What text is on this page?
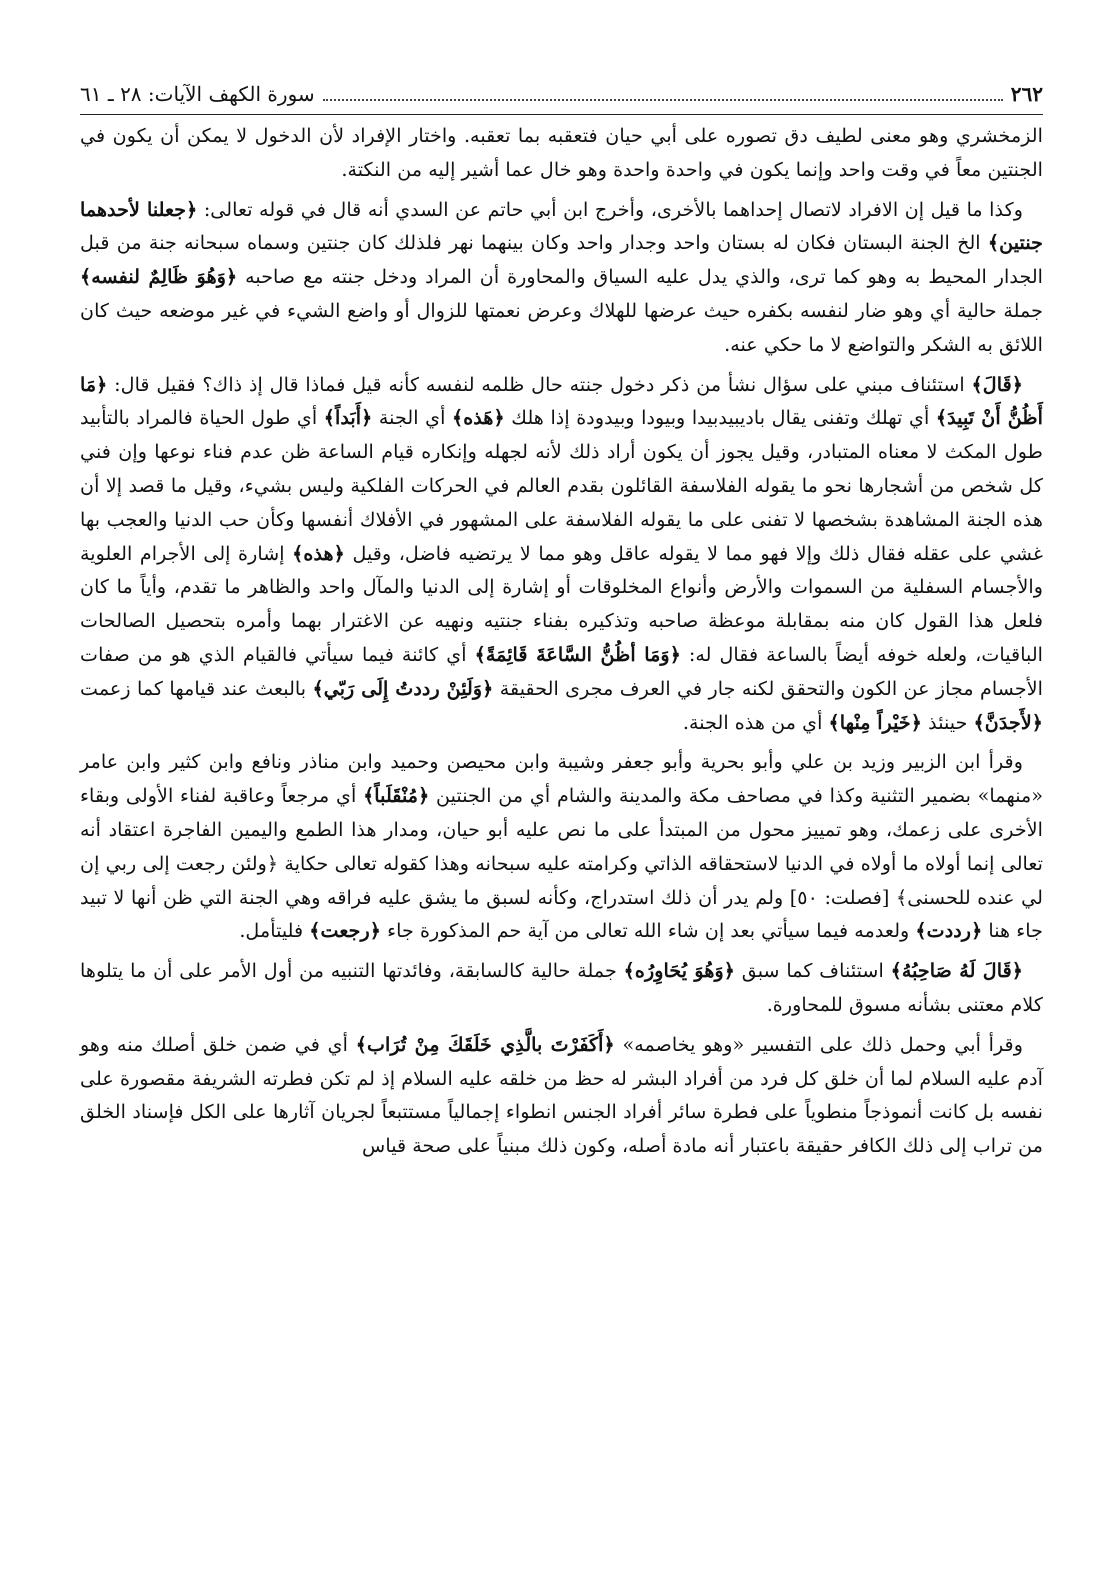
٢٦٢
سورة الكهف الآيات: ٢٨ ـ ٦١

الزمخشري وهو معنى لطيف دق تصوره على أبي حيان فتعقبه بما تعقبه. واختار الإفراد لأن الدخول لا يمكن أن يكون في الجنتين معاً في وقت واحد وإنما يكون في واحدة واحدة وهو خال عما أشير إليه من النكتة.

وكذا ما قيل إن الافراد لاتصال إحداهما بالأخرى، وأخرج ابن أبي حاتم عن السدي أنه قال في قوله تعالى: ﴿جعلنا لأحدهما جنتين﴾ الخ الجنة البستان فكان له بستان واحد وجدار واحد وكان بينهما نهر فلذلك كان جنتين وسماه سبحانه جنة من قبل الجدار المحيط به وهو كما ترى، والذي يدل عليه السياق والمحاورة أن المراد ودخل جنته مع صاحبه ﴿وَهُوَ ظَالِمٌ لنفسه﴾ جملة حالية أي وهو ضار لنفسه بكفره حيث عرضها للهلاك وعرض نعمتها للزوال أو واضع الشيء في غير موضعه حيث كان اللائق به الشكر والتواضع لا ما حكي عنه.

﴿قَالَ﴾ استئناف مبني على سؤال نشأ من ذكر دخول جنته حال ظلمه لنفسه كأنه قيل فماذا قال إذ ذاك؟ فقيل قال: ﴿مَا أَظُنُّ أَنْ تَبِيدَ﴾ أي تهلك وتفنى يقال باديبيدبيدا وبيودا وبيدودة إذا هلك ﴿هَذه﴾ أي الجنة ﴿أَبَداً﴾ أي طول الحياة فالمراد بالتأبيد طول المكث لا معناه المتبادر، وقيل يجوز أن يكون أراد ذلك لأنه لجهله وإنكاره قيام الساعة ظن عدم فناء نوعها وإن فني كل شخص من أشجارها نحو ما يقوله الفلاسفة القائلون بقدم العالم في الحركات الفلكية وليس بشيء، وقيل ما قصد إلا أن هذه الجنة المشاهدة بشخصها لا تفنى على ما يقوله الفلاسفة على المشهور في الأفلاك أنفسها وكأن حب الدنيا والعجب بها غشي على عقله فقال ذلك وإلا فهو مما لا يقوله عاقل وهو مما لا يرتضيه فاضل، وقيل ﴿هذه﴾ إشارة إلى الأجرام العلوية والأجسام السفلية من السموات والأرض وأنواع المخلوقات أو إشارة إلى الدنيا والمآل واحد والظاهر ما تقدم، وأياً ما كان فلعل هذا القول كان منه بمقابلة موعظة صاحبه وتذكيره بفناء جنتيه ونهيه عن الاغترار بهما وأمره بتحصيل الصالحات الباقيات، ولعله خوفه أيضاً بالساعة فقال له: ﴿وَمَا أظُنُّ السَّاعَةَ قَائِمَةً﴾ أي كائنة فيما سيأتي فالقيام الذي هو من صفات الأجسام مجاز عن الكون والتحقق لكنه جار في العرف مجرى الحقيقة ﴿وَلَئِنْ رددتُ إِلَى رَبّي﴾ بالبعث عند قيامها كما زعمت ﴿لأَجدَنَّ﴾ حينئذ ﴿خَيْراً مِنْها﴾ أي من هذه الجنة.

وقرأ ابن الزبير وزيد بن علي وأبو بحرية وأبو جعفر وشيبة وابن محيصن وحميد وابن مناذر ونافع وابن كثير وابن عامر «منهما» بضمير التثنية وكذا في مصاحف مكة والمدينة والشام أي من الجنتين ﴿مُنْقَلَباً﴾ أي مرجعاً وعاقبة لفناء الأولى وبقاء الأخرى على زعمك، وهو تمييز محول من المبتدأ على ما نص عليه أبو حيان، ومدار هذا الطمع واليمين الفاجرة اعتقاد أنه تعالى إنما أولاه ما أولاه في الدنيا لاستحقاقه الذاتي وكرامته عليه سبحانه وهذا كقوله تعالى حكاية ﴿ولئن رجعت إلى ربي إن لي عنده للحسنى﴾ [فصلت: ٥٠] ولم يدر أن ذلك استدراج، وكأنه لسبق ما يشق عليه فراقه وهي الجنة التي ظن أنها لا تبيد جاء هنا ﴿رددت﴾ ولعدمه فيما سيأتي بعد إن شاء الله تعالى من آية حم المذكورة جاء ﴿رجعت﴾ فليتأمل.

﴿قَالَ لَهُ صَاحِبُهُ﴾ استئناف كما سبق ﴿وَهُوَ يُحَاوِرُه﴾ جملة حالية كالسابقة، وفائدتها التنبيه من أول الأمر على أن ما يتلوها كلام معتنى بشأنه مسوق للمحاورة.

وقرأ أبي وحمل ذلك على التفسير «وهو يخاصمه» ﴿أَكَفَرْتَ بالَّذِي خَلَقَكَ مِنْ تُرَاب﴾ أي في ضمن خلق أصلك منه وهو آدم عليه السلام لما أن خلق كل فرد من أفراد البشر له حظ من خلقه عليه السلام إذ لم تكن فطرته الشريفة مقصورة على نفسه بل كانت أنموذجاً منطوياً على فطرة سائر أفراد الجنس انطواء إجمالياً مستتبعاً لجريان آثارها على الكل فإسناد الخلق من تراب إلى ذلك الكافر حقيقة باعتبار أنه مادة أصله، وكون ذلك مبنياً على صحة قياس
